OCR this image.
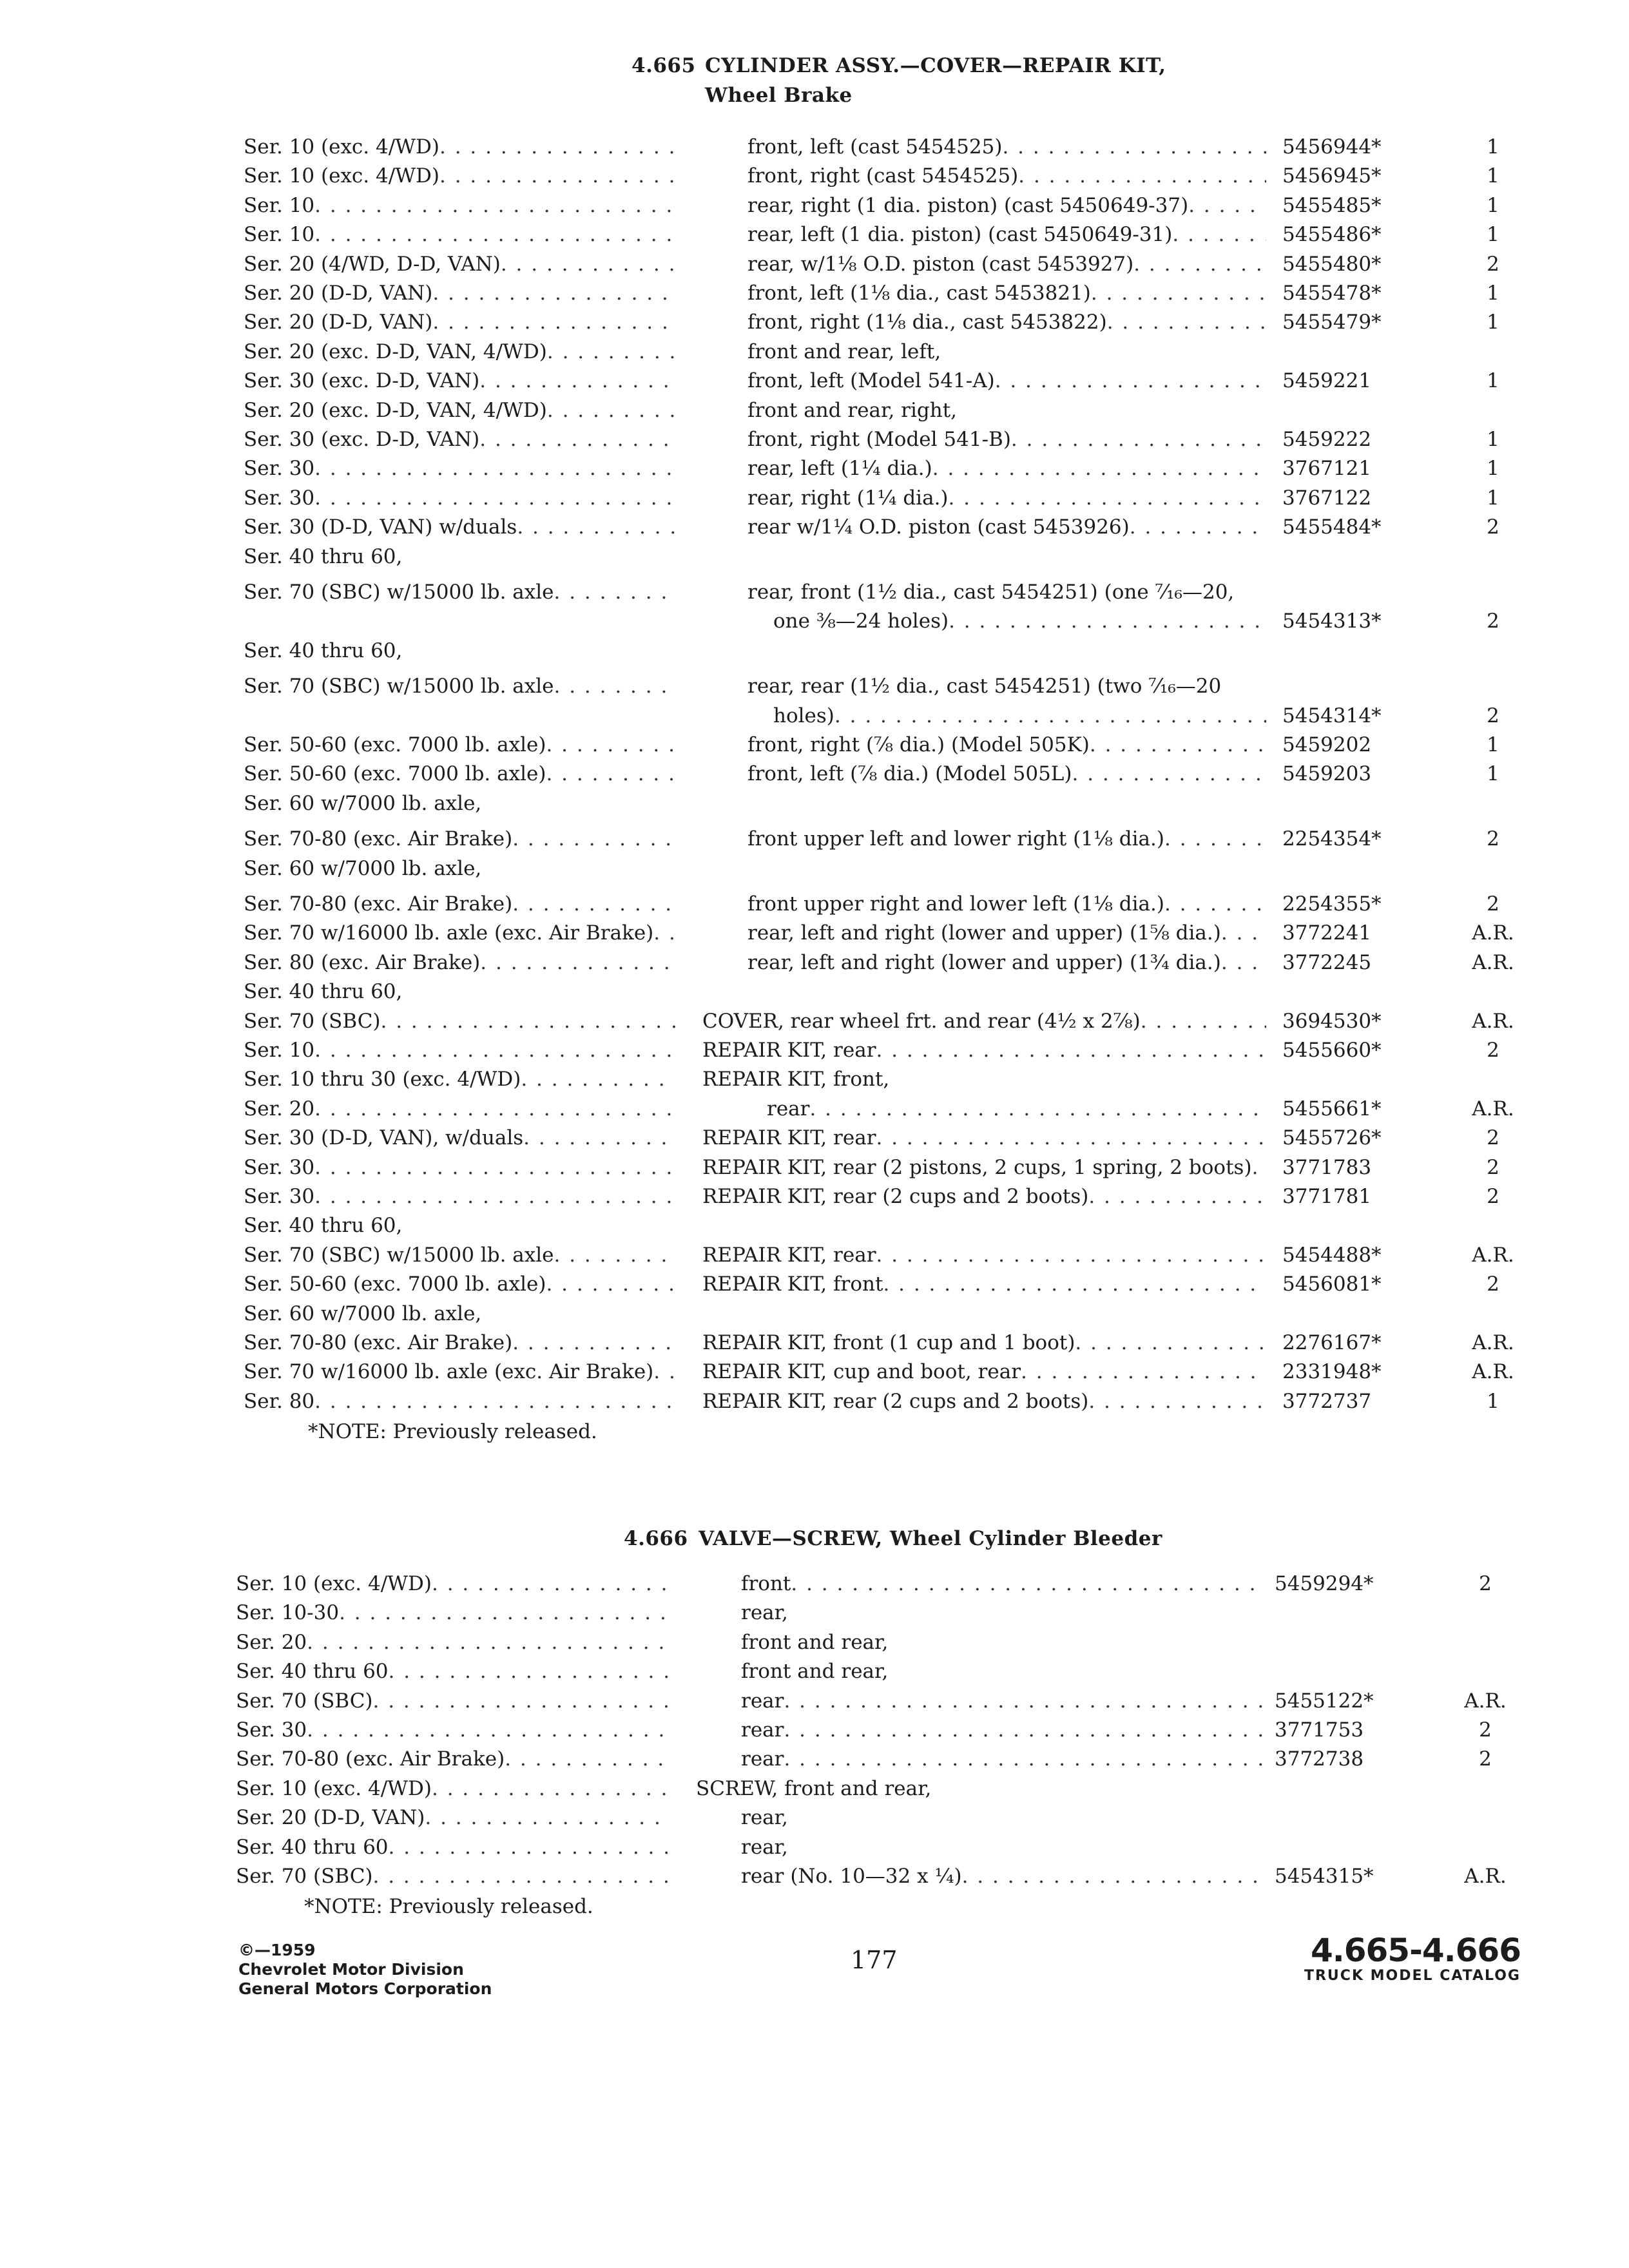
4.665 CYLINDER ASSY.—COVER—REPAIR KIT,
Wheel Brake
Ser. 10 (exc. 4/WD) . . .	front, left (cast 5454525) . . .	5456944*	1
Ser. 10 (exc. 4/WD) . . .	front, right (cast 5454525) . . .	5456945*	1
Ser. 10 . . .	rear, right (1 dia. piston) (cast 5450649-37) . . .	5455485*	1
Ser. 10 . . .	rear, left (1 dia. piston) (cast 5450649-31) . . .	5455486*	1
Ser. 20 (4/WD, D-D, VAN) . . .	rear, w/1⅛ O.D. piston (cast 5453927) . . .	5455480*	2
Ser. 20 (D-D, VAN) . . .	front, left (1⅛ dia., cast 5453821) . . .	5455478*	1
Ser. 20 (D-D, VAN) . . .	front, right (1⅛ dia., cast 5453822) . . .	5455479*	1
Ser. 20 (exc. D-D, VAN, 4/WD) . . .	front and rear, left,
Ser. 30 (exc. D-D, VAN) . . .	front, left (Model 541-A) . . .	5459221	1
Ser. 20 (exc. D-D, VAN, 4/WD) . . .	front and rear, right,
Ser. 30 (exc. D-D, VAN) . . .	front, right (Model 541-B) . . .	5459222	1
Ser. 30 . . .	rear, left (1¼ dia.) . . .	3767121	1
Ser. 30 . . .	rear, right (1¼ dia.) . . .	3767122	1
Ser. 30 (D-D, VAN) w/duals . . .	rear w/1¼ O.D. piston (cast 5453926) . . .	5455484*	2
Ser. 40 thru 60,
Ser. 70 (SBC) w/15000 lb. axle . . .	rear, front (1½ dia., cast 5454251) (one ⁷⁄₁₆—20,
one ⅜—24 holes) . . .	5454313*	2
Ser. 40 thru 60,
Ser. 70 (SBC) w/15000 lb. axle . . .	rear, rear (1½ dia., cast 5454251) (two ⁷⁄₁₆—20
holes) . . .	5454314*	2
Ser. 50-60 (exc. 7000 lb. axle) . . .	front, right (⅞ dia.) (Model 505K) . . .	5459202	1
Ser. 50-60 (exc. 7000 lb. axle) . . .	front, left (⅞ dia.) (Model 505L) . . .	5459203	1
Ser. 60 w/7000 lb. axle,
Ser. 70-80 (exc. Air Brake) . . .	front upper left and lower right (1⅛ dia.) . . .	2254354*	2
Ser. 60 w/7000 lb. axle,
Ser. 70-80 (exc. Air Brake) . . .	front upper right and lower left (1⅛ dia.) . . .	2254355*	2
Ser. 70 w/16000 lb. axle (exc. Air Brake) . . .	rear, left and right (lower and upper) (1⅝ dia.) . . .	3772241	A.R.
Ser. 80 (exc. Air Brake) . . .	rear, left and right (lower and upper) (1¾ dia.) . . .	3772245	A.R.
Ser. 40 thru 60,
Ser. 70 (SBC) . . .	COVER, rear wheel frt. and rear (4½ x 2⅞) . . .	3694530*	A.R.
Ser. 10 . . .	REPAIR KIT, rear . . .	5455660*	2
Ser. 10 thru 30 (exc. 4/WD) . . .	REPAIR KIT, front,
Ser. 20 . . .	rear . . .	5455661*	A.R.
Ser. 30 (D-D, VAN), w/duals . . .	REPAIR KIT, rear . . .	5455726*	2
Ser. 30 . . .	REPAIR KIT, rear (2 pistons, 2 cups, 1 spring, 2 boots) . . . 3771783	2
Ser. 30 . . .	REPAIR KIT, rear (2 cups and 2 boots) . . .	3771781	2
Ser. 40 thru 60,
Ser. 70 (SBC) w/15000 lb. axle . . .	REPAIR KIT, rear . . .	5454488*	A.R.
Ser. 50-60 (exc. 7000 lb. axle) . . .	REPAIR KIT, front . . .	5456081*	2
Ser. 60 w/7000 lb. axle,
Ser. 70-80 (exc. Air Brake) . . .	REPAIR KIT, front (1 cup and 1 boot) . . .	2276167*	A.R.
Ser. 70 w/16000 lb. axle (exc. Air Brake) . . . REPAIR KIT, cup and boot, rear . . .	2331948*	A.R.
Ser. 80 . . .	REPAIR KIT, rear (2 cups and 2 boots) . . .	3772737	1
*NOTE: Previously released.
4.666 VALVE—SCREW, Wheel Cylinder Bleeder
Ser. 10 (exc. 4/WD) . . .	front . . .	5459294*	2
Ser. 10-30 . . .	rear,
Ser. 20 . . .	front and rear,
Ser. 40 thru 60 . . .	front and rear,
Ser. 70 (SBC) . . .	rear . . .	5455122*	A.R.
Ser. 30 . . .	rear . . .	3771753	2
Ser. 70-80 (exc. Air Brake) . . .	rear . . .	3772738	2
Ser. 10 (exc. 4/WD) . . .	SCREW, front and rear,
Ser. 20 (D-D, VAN) . . .	rear,
Ser. 40 thru 60 . . .	rear,
Ser. 70 (SBC) . . .	rear (No. 10—32 x ¼) . . .	5454315*	A.R.
*NOTE: Previously released.
©—1959
Chevrolet Motor Division
General Motors Corporation
177	4.665-4.666
TRUCK MODEL CATALOG
